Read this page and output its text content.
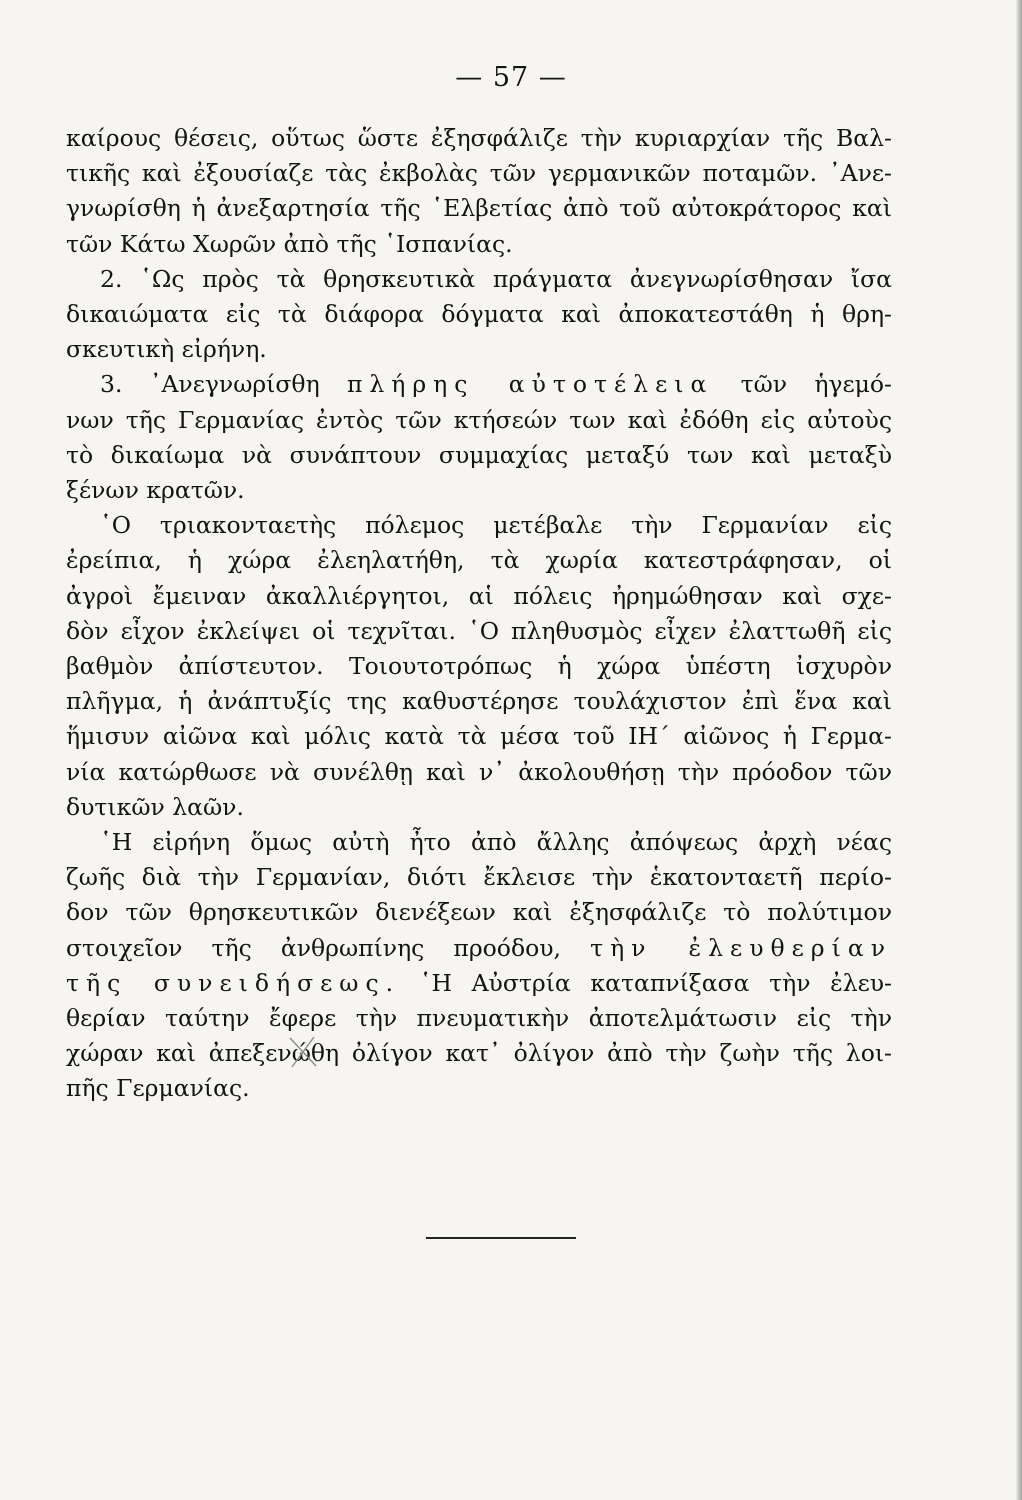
— 57 —
καίρους θέσεις, οὕτως ὥστε ἐξησφάλιζε τὴν κυριαρχίαν τῆς Βαλ-
τικῆς καὶ ἐξουσίαζε τὰς ἐκβολὰς τῶν γερμανικῶν ποταμῶν. ᾿Ανε-
γνωρίσθη ἡ ἀνεξαρτησία τῆς ῾Ελβετίας ἀπὸ τοῦ αὐτοκράτορος καὶ
τῶν Κάτω Χωρῶν ἀπὸ τῆς ῾Ισπανίας.
2. ῾Ως πρὸς τὰ θρησκευτικὰ πράγματα ἀνεγνωρίσθησαν ἴσα
δικαιώματα εἰς τὰ διάφορα δόγματα καὶ ἀποκατεστάθη ἡ θρη-
σκευτικὴ εἰρήνη.
3. ᾿Ανεγνωρίσθη πλήρης αὐτοτέλεια τῶν ἡγεμό-
νων τῆς Γερμανίας ἐντὸς τῶν κτήσεών των καὶ ἐδόθη εἰς αὐτοὺς
τὸ δικαίωμα νὰ συνάπτουν συμμαχίας μεταξύ των καὶ μεταξὺ
ξένων κρατῶν.
῾Ο τριακονταετὴς πόλεμος μετέβαλε τὴν Γερμανίαν εἰς
ἐρείπια, ἡ χώρα ἐλεηλατήθη, τὰ χωρία κατεστράφησαν, οἱ
ἀγροὶ ἔμειναν ἀκαλλιέργητοι, αἱ πόλεις ἠρημώθησαν καὶ σχε-
δὸν εἶχον ἐκλείψει οἱ τεχνῖται. ῾Ο πληθυσμὸς εἶχεν ἐλαττωθῆ εἰς
βαθμὸν ἀπίστευτον. Τοιουτοτρόπως ἡ χώρα ὑπέστη ἰσχυρὸν
πλῆγμα, ἡ ἀνάπτυξίς της καθυστέρησε τουλάχιστον ἐπὶ ἕνα καὶ
ἥμισυν αἰῶνα καὶ μόλις κατὰ τὰ μέσα τοῦ ΙΗ΄ αἰῶνος ἡ Γερμα-
νία κατώρθωσε νὰ συνέλθῃ καὶ ν᾿ ἀκολουθήσῃ τὴν πρόοδον τῶν
δυτικῶν λαῶν.
῾Η εἰρήνη ὅμως αὐτὴ ἦτο ἀπὸ ἄλλης ἀπόψεως ἀρχὴ νέας
ζωῆς διὰ τὴν Γερμανίαν, διότι ἔκλεισε τὴν ἑκατονταετῆ περίο-
δον τῶν θρησκευτικῶν διενέξεων καὶ ἐξησφάλιζε τὸ πολύτιμον
στοιχεῖον τῆς ἀνθρωπίνης προόδου, τὴν ἐλευθερίαν
τῆς συνειδήσεως. ῾Η Αὐστρία καταπνίξασα τὴν ἐλευ-
θερίαν ταύτην ἔφερε τὴν πνευματικὴν ἀποτελμάτωσιν εἰς τὴν
χώραν καὶ ἀπεξενώθη ὀλίγον κατ᾿ ὀλίγον ἀπὸ τὴν ζωὴν τῆς λοι-
πῆς Γερμανίας.
